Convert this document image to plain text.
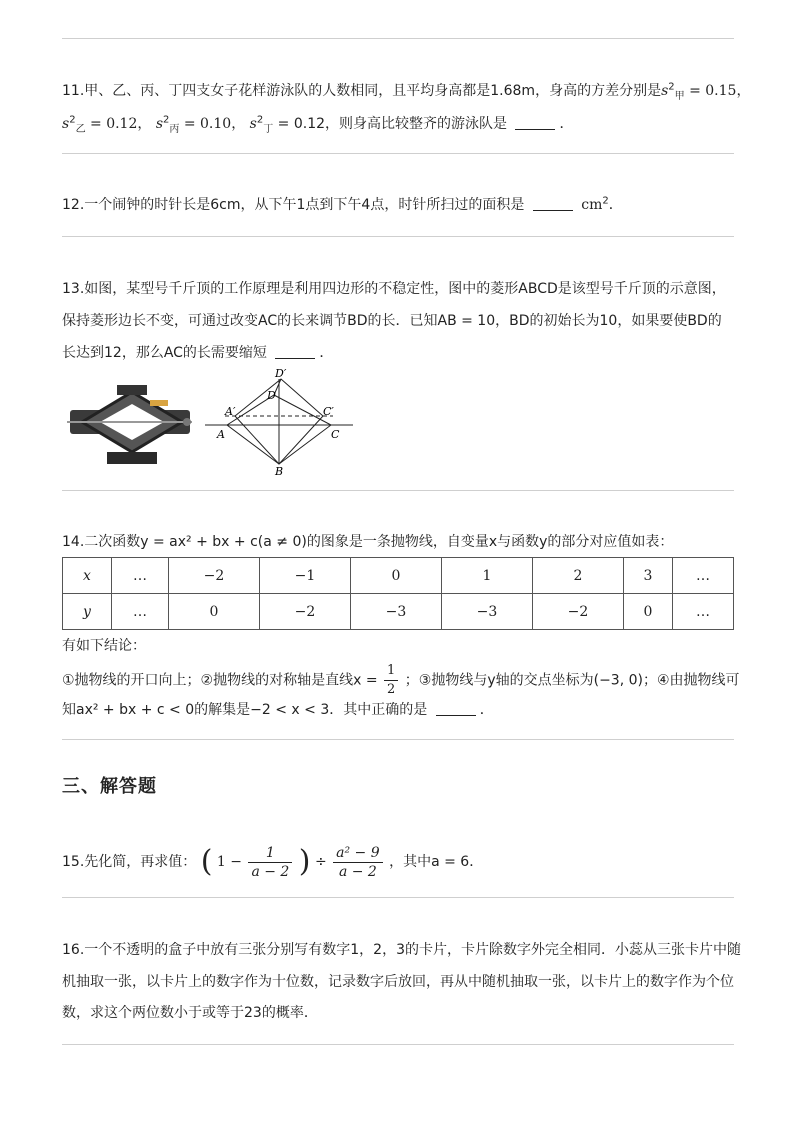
11.甲、乙、丙、丁四支女子花样游泳队的人数相同，且平均身高都是1.68m，身高的方差分别是$s^2_甲 = 0.15$，
$s^2_乙 = 0.12$， $s^2_丙 = 0.10$， $s^2_丁 = 0.12$，则身高比较整齐的游泳队是	．
12.一个闹钟的时针长是6cm，从下午1点到下午4点，时针所扫过的面积是	$cm^2$．
13.如图，某型号千斤顶的工作原理是利用四边形的不稳定性，图中的菱形ABCD是该型号千斤顶的示意图，
保持菱形边长不变，可通过改变AC的长来调节BD的长．已知AB = 10，BD的初始长为10，如果要使BD的
长达到12，那么AC的长需要缩短	．
D′
D
A′
A
C′
C
B
14.二次函数y = ax² + bx + c(a ≠ 0)的图象是一条抛物线，自变量x与函数y的部分对应值如表：
x	…	−2	−1	0	1	2	3	…
y	…	0	−2	−3	−3	−2	0	…
有如下结论：
①抛物线的开口向上；②抛物线的对称轴是直线$x = \frac{1}{2}$ ；③抛物线与y轴的交点坐标为(−3, 0)；④由抛物线可
知ax² + bx + c < 0的解集是−2 < x < 3．其中正确的是	．
三、解答题
15.先化简，再求值： ( $1 - \frac{1}{a - 2}$ ) ÷ $\frac{\text{a² − 9}}{a - 2}$ ，其中a = 6．
16.一个不透明的盒子中放有三张分别写有数字1，2，3的卡片，卡片除数字外完全相同．小蕊从三张卡片中随
机抽取一张，以卡片上的数字作为十位数，记录数字后放回，再从中随机抽取一张，以卡片上的数字作为个位
数，求这个两位数小于或等于23的概率．
